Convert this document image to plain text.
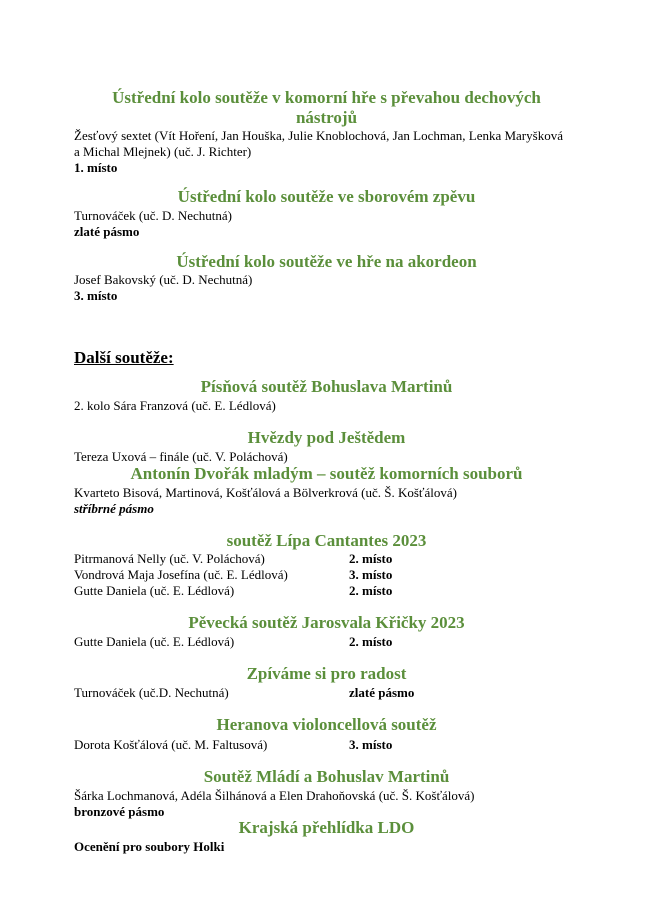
Ústřední kolo soutěže v komorní hře s převahou dechových
nástrojů
Žesťový sextet (Vít Hoření, Jan Houška, Julie Knoblochová, Jan Lochman, Lenka Maryšková
a Michal Mlejnek) (uč. J. Richter)
1. místo
Ústřední kolo soutěže ve sborovém zpěvu
Turnováček (uč. D. Nechutná)
zlaté pásmo
Ústřední kolo soutěže ve hře na akordeon
Josef Bakovský (uč. D. Nechutná)
3. místo
Další soutěže:
Písňová soutěž Bohuslava Martinů
2. kolo Sára Franzová (uč. E. Lédlová)
Hvězdy pod Ještědem
Tereza Uxová – finále (uč. V. Poláchová)
Antonín Dvořák mladým – soutěž komorních souborů
Kvarteto Bisová, Martinová, Košťálová a Bölverkrová (uč. Š. Košťálová)
stříbrné pásmo
soutěž Lípa Cantantes 2023
Pitrmanová Nelly (uč. V. Poláchová)	2. místo
Vondrová Maja Josefína (uč. E. Lédlová)	3. místo
Gutte Daniela (uč. E. Lédlová)	2. místo
Pěvecká soutěž Jarosvala Křičky 2023
Gutte Daniela (uč. E. Lédlová)	2. místo
Zpíváme si pro radost
Turnováček (uč.D. Nechutná)	zlaté pásmo
Heranova violoncellová soutěž
Dorota Košťálová (uč. M. Faltusová)	3. místo
Soutěž Mládí a Bohuslav Martinů
Šárka Lochmanová, Adéla Šilhánová a Elen Drahoňovská (uč. Š. Košťálová)
bronzové pásmo
Krajská přehlídka LDO
Ocenění pro soubory Holki
